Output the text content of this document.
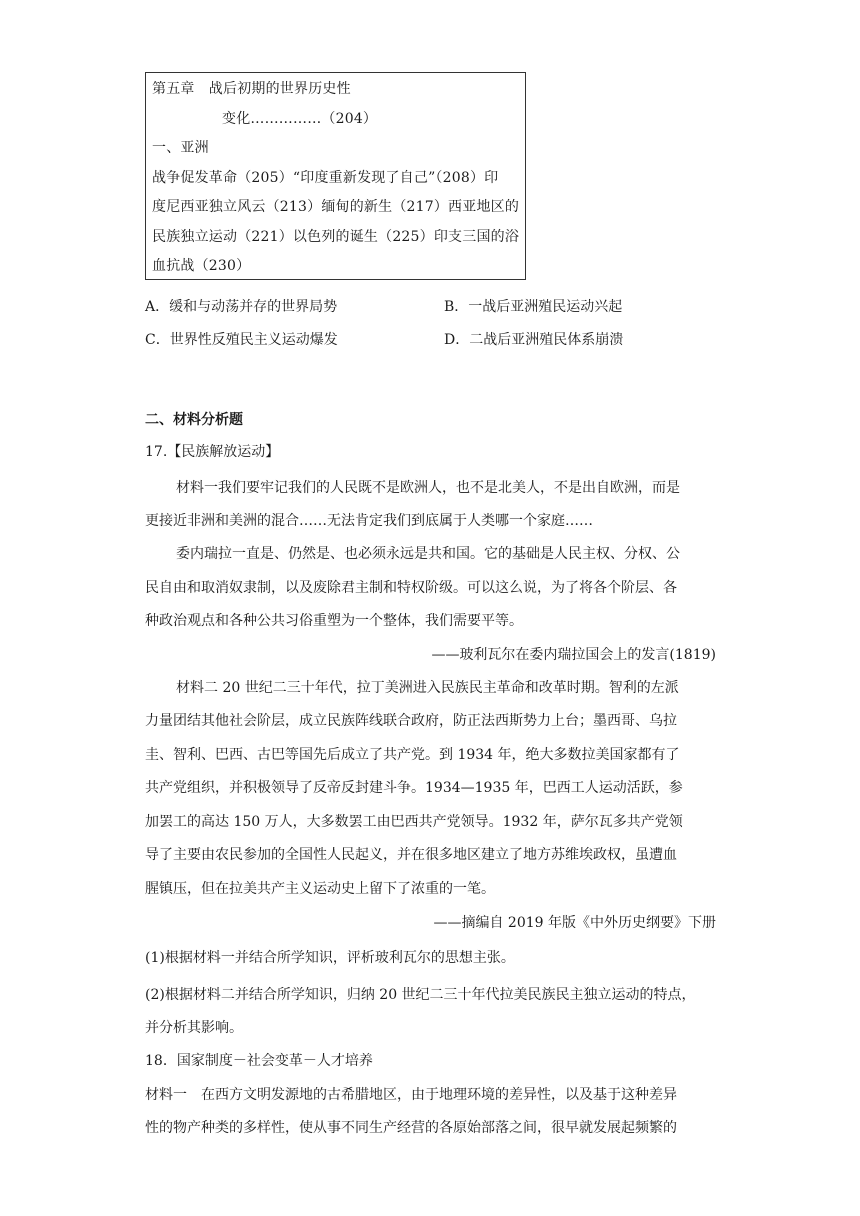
第五章　战后初期的世界历史性
变化……………（204）
一、亚洲
战争促发革命（205）“印度重新发现了自己”（208）印
度尼西亚独立风云（213）缅甸的新生（217）西亚地区的
民族独立运动（221）以色列的诞生（225）印支三国的浴
血抗战（230）
A．缓和与动荡并存的世界局势	B．一战后亚洲殖民运动兴起
C．世界性反殖民主义运动爆发	D．二战后亚洲殖民体系崩溃
二、材料分析题
17.【民族解放运动】
材料一我们要牢记我们的人民既不是欧洲人，也不是北美人，不是出自欧洲，而是
更接近非洲和美洲的混合……无法肯定我们到底属于人类哪一个家庭……
委内瑞拉一直是、仍然是、也必须永远是共和国。它的基础是人民主权、分权、公
民自由和取消奴隶制，以及废除君主制和特权阶级。可以这么说，为了将各个阶层、各
种政治观点和各种公共习俗重塑为一个整体，我们需要平等。
——玻利瓦尔在委内瑞拉国会上的发言(1819)
材料二 20 世纪二三十年代，拉丁美洲进入民族民主革命和改革时期。智利的左派
力量团结其他社会阶层，成立民族阵线联合政府，防正法西斯势力上台；墨西哥、乌拉
圭、智利、巴西、古巴等国先后成立了共产党。到 1934 年，绝大多数拉美国家都有了
共产党组织，并积极领导了反帝反封建斗争。1934—1935 年，巴西工人运动活跃，参
加罢工的高达 150 万人，大多数罢工由巴西共产党领导。1932 年，萨尔瓦多共产党领
导了主要由农民参加的全国性人民起义，并在很多地区建立了地方苏维埃政权，虽遭血
腥镇压，但在拉美共产主义运动史上留下了浓重的一笔。
——摘编自 2019 年版《中外历史纲要》下册
(1)根据材料一并结合所学知识，评析玻利瓦尔的思想主张。
(2)根据材料二并结合所学知识，归纳 20 世纪二三十年代拉美民族民主独立运动的特点，
并分析其影响。
18．国家制度－社会变革－人才培养
材料一　在西方文明发源地的古希腊地区，由于地理环境的差异性，以及基于这种差异
性的物产种类的多样性，使从事不同生产经营的各原始部落之间，很早就发展起频繁的
